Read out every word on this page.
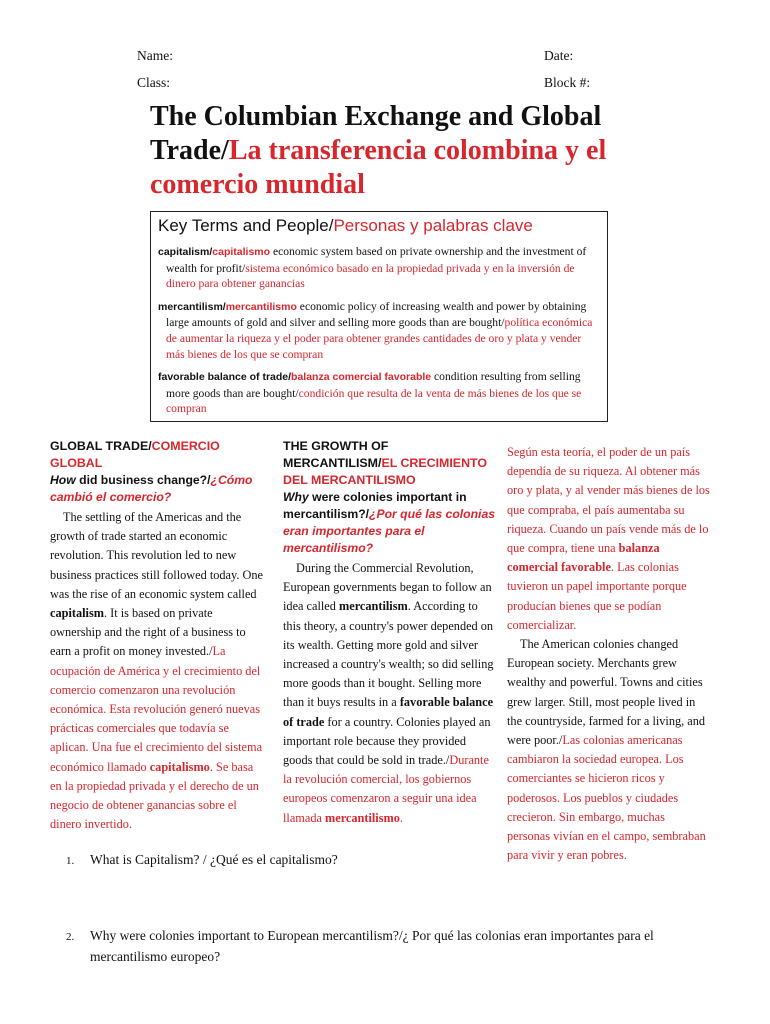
Name:	Date:
Class:	Block #:
The Columbian Exchange and Global Trade/La transferencia colombina y el comercio mundial
Key Terms and People/Personas y palabras clave

capitalism/capitalismo economic system based on private ownership and the investment of wealth for profit/sistema económico basado en la propiedad privada y en la inversión de dinero para obtener ganancias

mercantilism/mercantilismo economic policy of increasing wealth and power by obtaining large amounts of gold and silver and selling more goods than are bought/política económica de aumentar la riqueza y el poder para obtener grandes cantidades de oro y plata y vender más bienes de los que se compran

favorable balance of trade/balanza comercial favorable condition resulting from selling more goods than are bought/condición que resulta de la venta de más bienes de los que se compran

GLOBAL TRADE/COMERCIO GLOBAL

How did business change?/¿Cómo cambió el comercio?

The settling of the Americas and the growth of trade started an economic revolution. This revolution led to new business practices still followed today. One was the rise of an economic system called capitalism. It is based on private ownership and the right of a business to earn a profit on money invested./La ocupación de América y el crecimiento del comercio comenzaron una revolución económica. Esta revolución generó nuevas prácticas comerciales que todavía se aplican. Una fue el crecimiento del sistema económico llamado capitalismo. Se basa en la propiedad privada y el derecho de un negocio de obtener ganancias sobre el dinero invertido.

THE GROWTH OF MERCANTILISM/EL CRECIMIENTO DEL MERCANTILISMO

Why were colonies important in mercantilism?/¿Por qué las colonias eran importantes para el mercantilismo?

During the Commercial Revolution, European governments began to follow an idea called mercantilism. According to this theory, a country's power depended on its wealth. Getting more gold and silver increased a country's wealth; so did selling more goods than it bought. Selling more than it buys results in a favorable balance of trade for a country. Colonies played an important role because they provided goods that could be sold in trade./Durante la revolución comercial, los gobiernos europeos comenzaron a seguir una idea llamada mercantilismo.

Según esta teoría, el poder de un país dependía de su riqueza. Al obtener más oro y plata, y al vender más bienes de los que compraba, el país aumentaba su riqueza. Cuando un país vende más de lo que compra, tiene una balanza comercial favorable. Las colonias tuvieron un papel importante porque producían bienes que se podían comercializar.

The American colonies changed European society. Merchants grew wealthy and powerful. Towns and cities grew larger. Still, most people lived in the countryside, farmed for a living, and were poor./Las colonias americanas cambiaron la sociedad europea. Los comerciantes se hicieron ricos y poderosos. Los pueblos y ciudades crecieron. Sin embargo, muchas personas vivían en el campo, sembraban para vivir y eran pobres.

1. What is Capitalism? / ¿Qué es el capitalismo?
2. Why were colonies important to European mercantilism?/¿ Por qué las colonias eran importantes para el
mercantilismo europeo?
